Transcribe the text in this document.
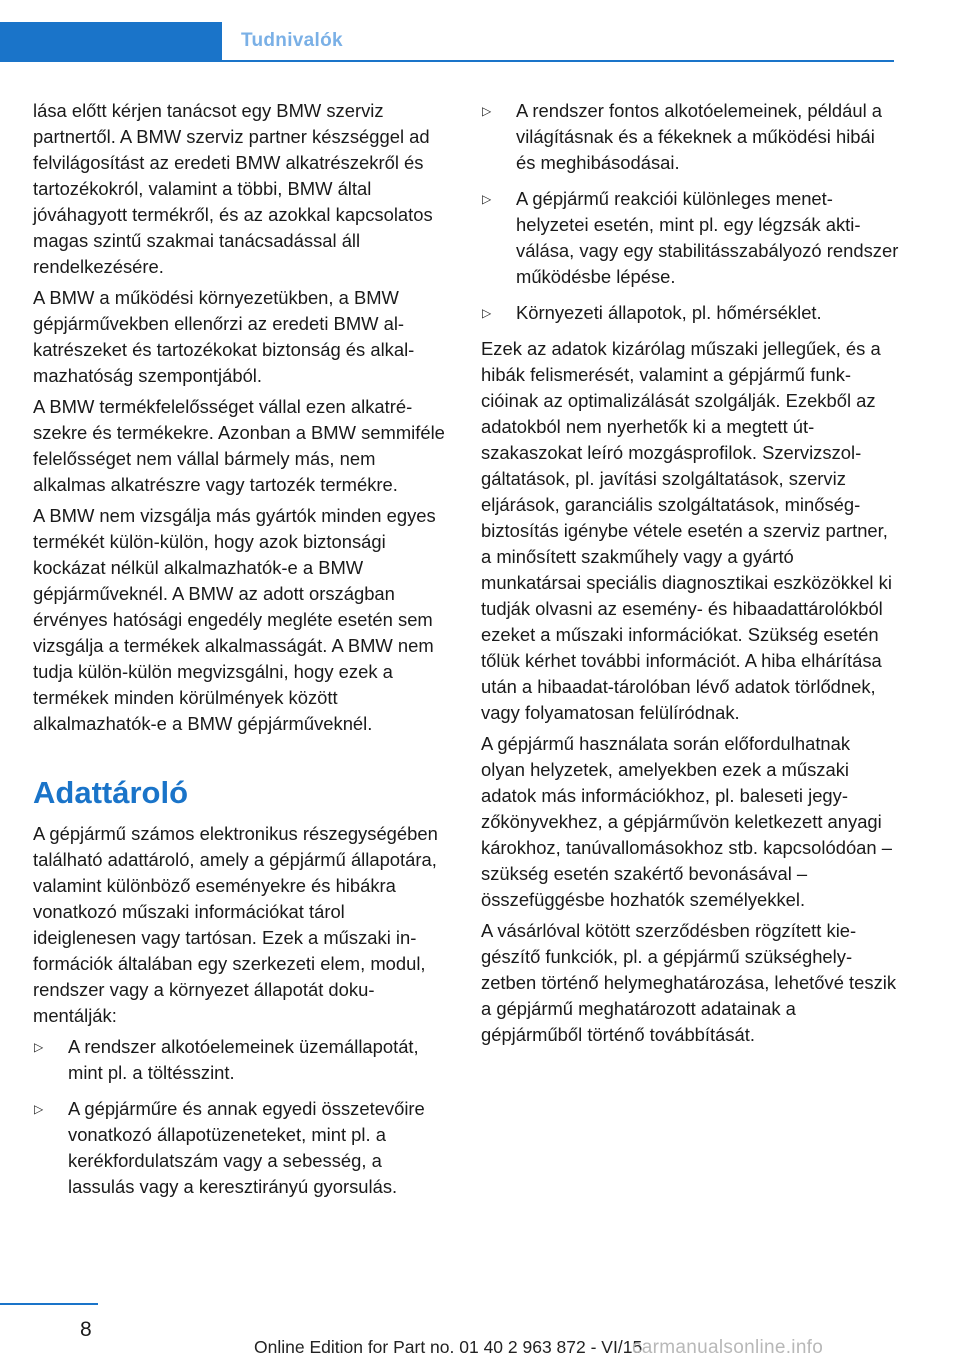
Tudnivalók

lása előtt kérjen tanácsot egy BMW szerviz partnertől. A BMW szerviz partner készséggel ad felvilágosítást az eredeti BMW alkatrészekről és tartozékokról, valamint a többi, BMW által jóváhagyott termékről, és az azokkal kapcsolatos magas szintű szakmai tanácsadással áll rendelkezésére.

A BMW a működési környezetükben, a BMW gépjárművekben ellenőrzi az eredeti BMW alkatrészeket és tartozékokat biztonság és alkalmazhatóság szempontjából.

A BMW termékfelelősséget vállal ezen alkatrészekre és termékekre. Azonban a BMW semmiféle felelősséget nem vállal bármely más, nem alkalmas alkatrészre vagy tartozék termékre.

A BMW nem vizsgálja más gyártók minden egyes termékét külön-külön, hogy azok biztonsági kockázat nélkül alkalmazhatók-e a BMW gépjárműveknél. A BMW az adott országban érvényes hatósági engedély megléte esetén sem vizsgálja a termékek alkalmasságát. A BMW nem tudja külön-külön megvizsgálni, hogy ezek a termékek minden körülmények között alkalmazhatók-e a BMW gépjárműveknél.

Adattároló

A gépjármű számos elektronikus részegységében található adattároló, amely a gépjármű állapotára, valamint különböző eseményekre és hibákra vonatkozó műszaki információkat tárol ideiglenesen vagy tartósan. Ezek a műszaki információk általában egy szerkezeti elem, modul, rendszer vagy a környezet állapotát dokumentálják:

▷ A rendszer alkotóelemeinek üzemállapotát, mint pl. a töltésszint.
▷ A gépjárműre és annak egyedi összetevőire vonatkozó állapotüzeneteket, mint pl. a kerékfordulatszám vagy a sebesség, a lassulás vagy a keresztirányú gyorsulás.
▷ A rendszer fontos alkotóelemeinek, például a világításnak és a fékeknek a működési hibái és meghibásodásai.
▷ A gépjármű reakciói különleges menethelyzetei esetén, mint pl. egy légzsák aktiválása, vagy egy stabilitásszabályozó rendszer működésbe lépése.
▷ Környezeti állapotok, pl. hőmérséklet.

Ezek az adatok kizárólag műszaki jellegűek, és a hibák felismerését, valamint a gépjármű funkcióinak az optimalizálását szolgálják. Ezekből az adatokból nem nyerhetők ki a megtett útszakaszokat leíró mozgásprofilok. Szervizszolgáltatások, pl. javítási szolgáltatások, szerviz eljárások, garanciális szolgáltatások, minőségbiztosítás igénybe vétele esetén a szerviz partner, a minősített szakműhely vagy a gyártó munkatársai speciális diagnosztikai eszközökkel ki tudják olvasni az esemény- és hibaadattárolókból ezeket a műszaki információkat. Szükség esetén tőlük kérhet további információt. A hiba elhárítása után a hibaadat-tárolóban lévő adatok törlődnek, vagy folyamatosan felülíródnak.

A gépjármű használata során előfordulhatnak olyan helyzetek, amelyekben ezek a műszaki adatok más információkhoz, pl. baleseti jegyzőkönyvekhez, a gépjárművön keletkezett anyagi károkhoz, tanúvallomásokhoz stb. kapcsolódóan – szükség esetén szakértő bevonásával – összefüggésbe hozhatók személyekkel.

A vásárlóval kötött szerződésben rögzített kiegészítő funkciók, pl. a gépjármű szükséghelyzetben történő helymeghatározása, lehetővé teszik a gépjármű meghatározott adatainak a gépjárműből történő továbbítását.

8
Online Edition for Part no. 01 40 2 963 872 - VI/15
carmanualsonline.info
